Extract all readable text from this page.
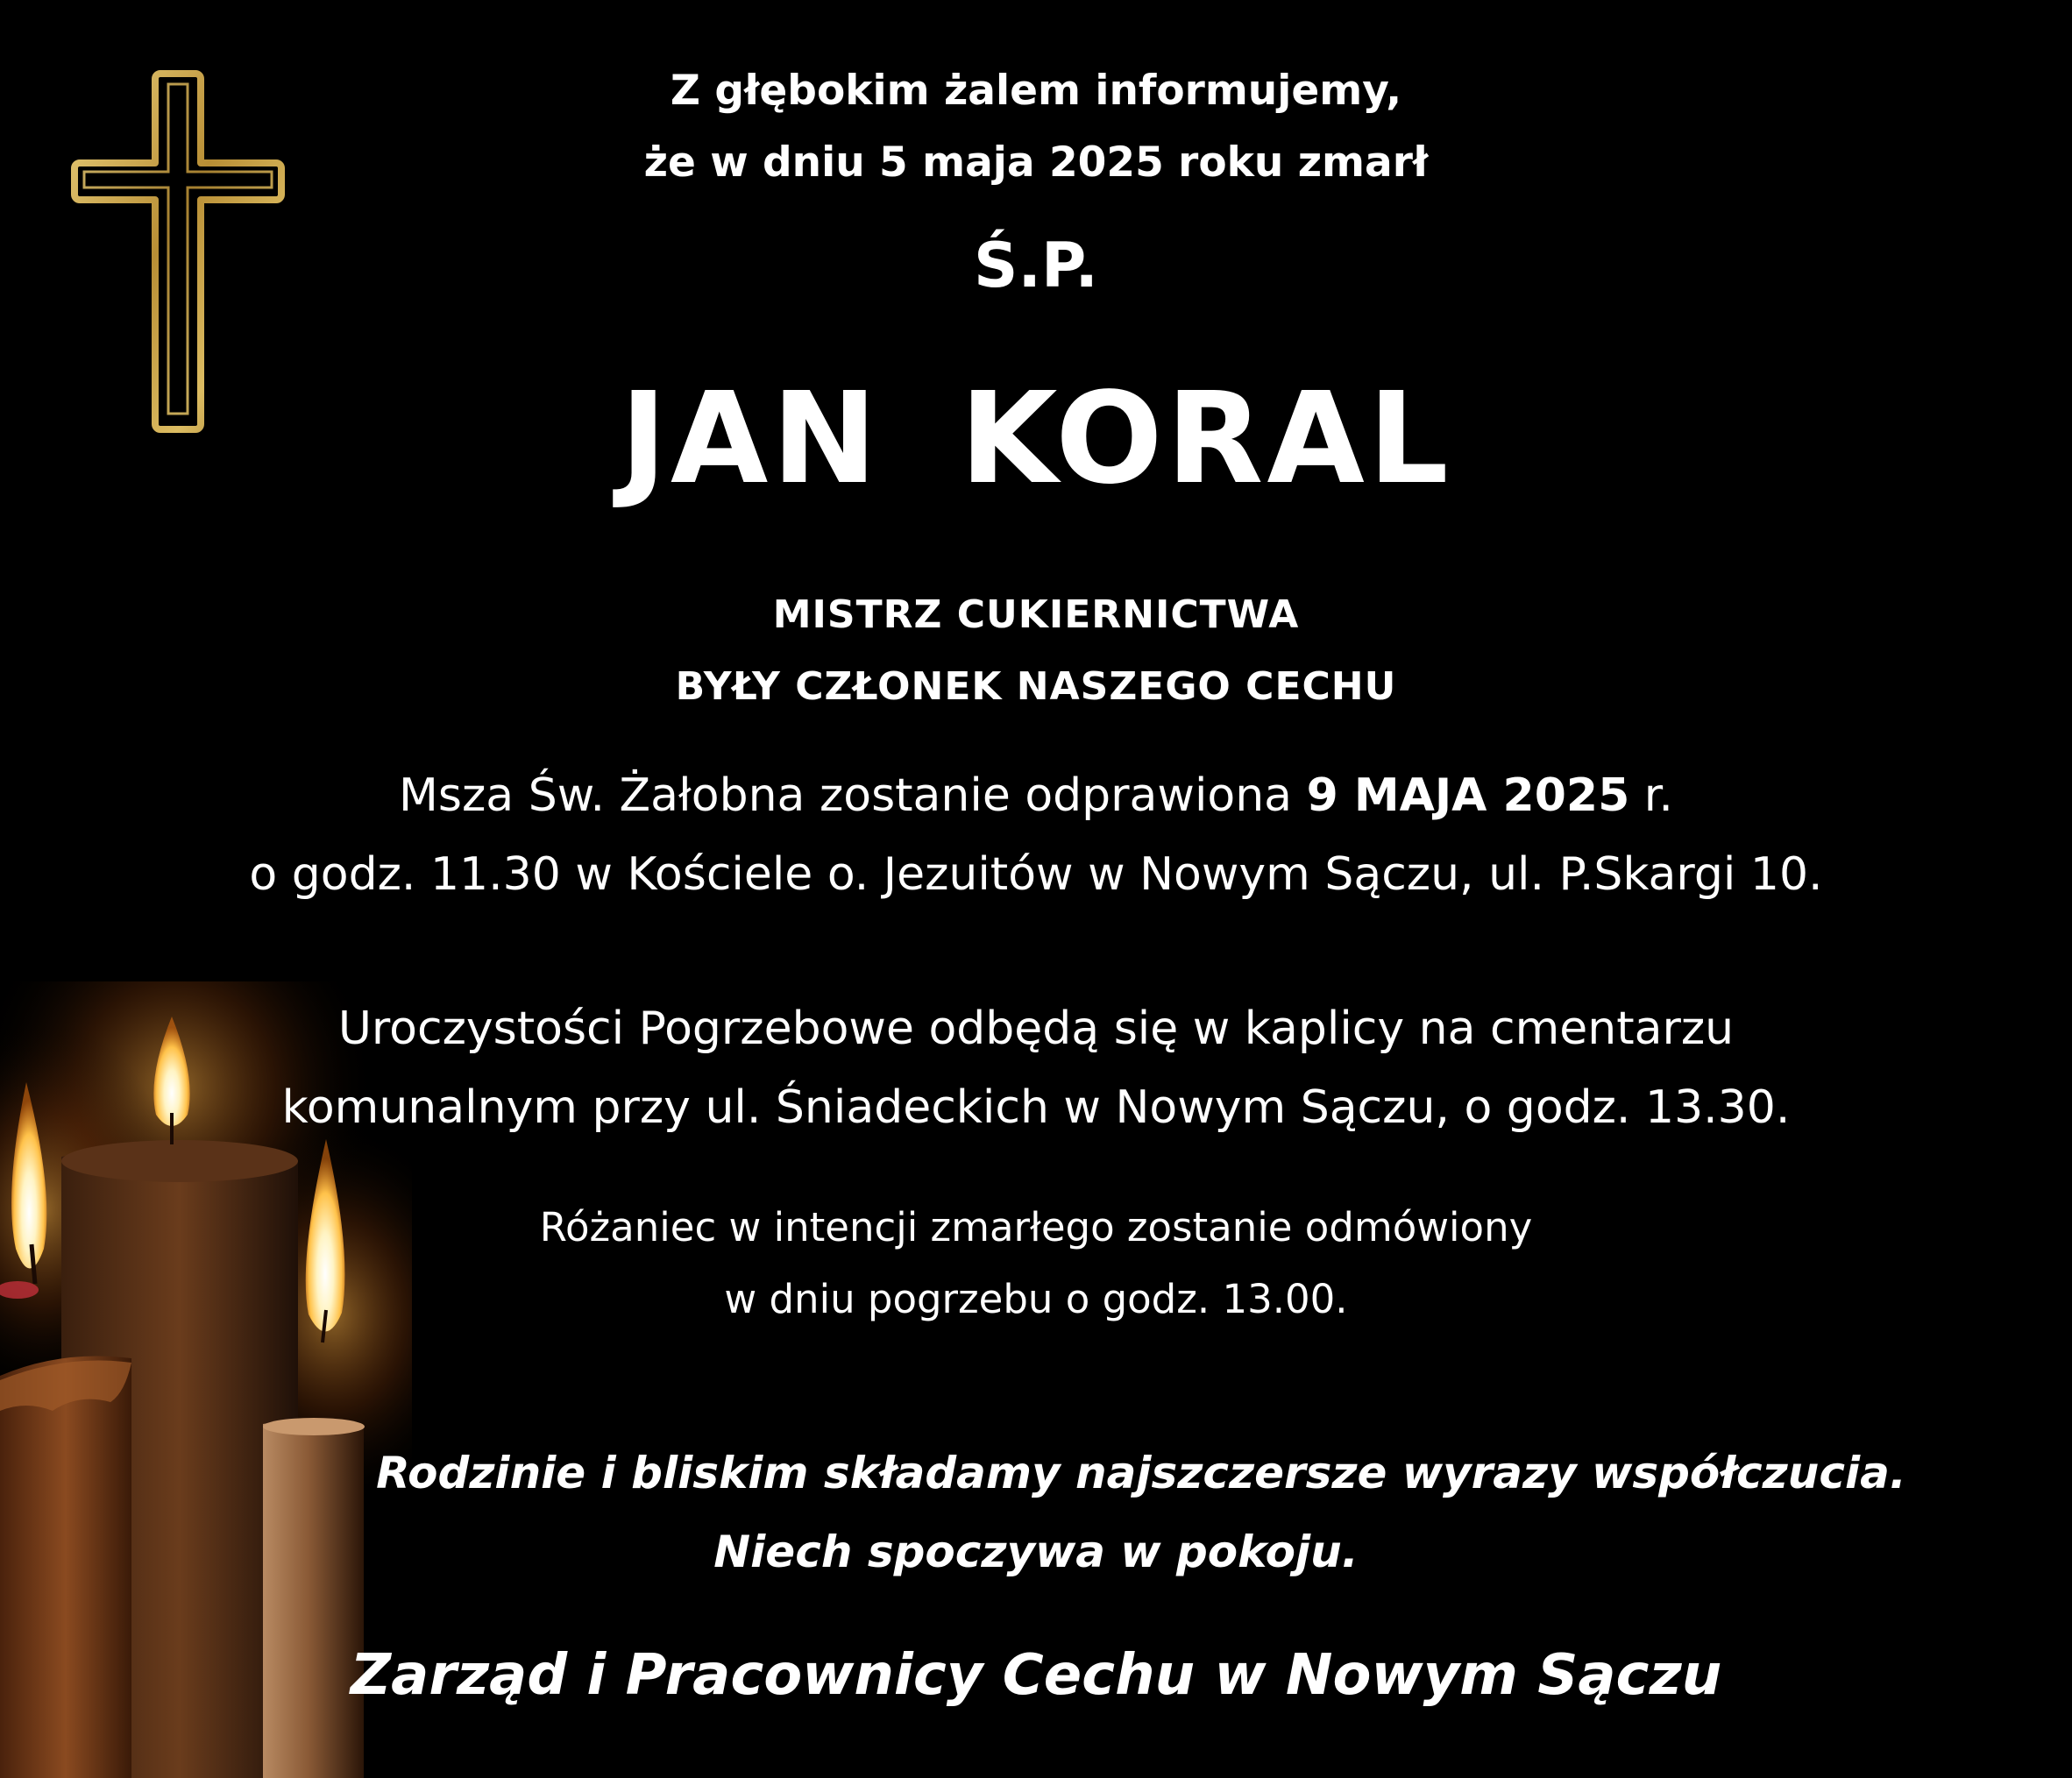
Z głębokim żalem informujemy,
że w dniu 5 maja 2025 roku zmarł
Ś.P.
JAN KORAL
MISTRZ CUKIERNICTWA
BYŁY CZŁONEK NASZEGO CECHU
Msza Św. Żałobna zostanie odprawiona 9 MAJA 2025 r.
o godz. 11.30 w Kościele o. Jezuitów w Nowym Sączu, ul. P.Skargi 10.
Uroczystości Pogrzebowe odbędą się w kaplicy na cmentarzu
komunalnym przy ul. Śniadeckich w Nowym Sączu, o godz. 13.30.
Różaniec w intencji zmarłego zostanie odmówiony
w dniu pogrzebu o godz. 13.00.
Rodzinie i bliskim składamy najszczersze wyrazy współczucia.
Niech spoczywa w pokoju.
Zarząd i Pracownicy Cechu w Nowym Sączu
